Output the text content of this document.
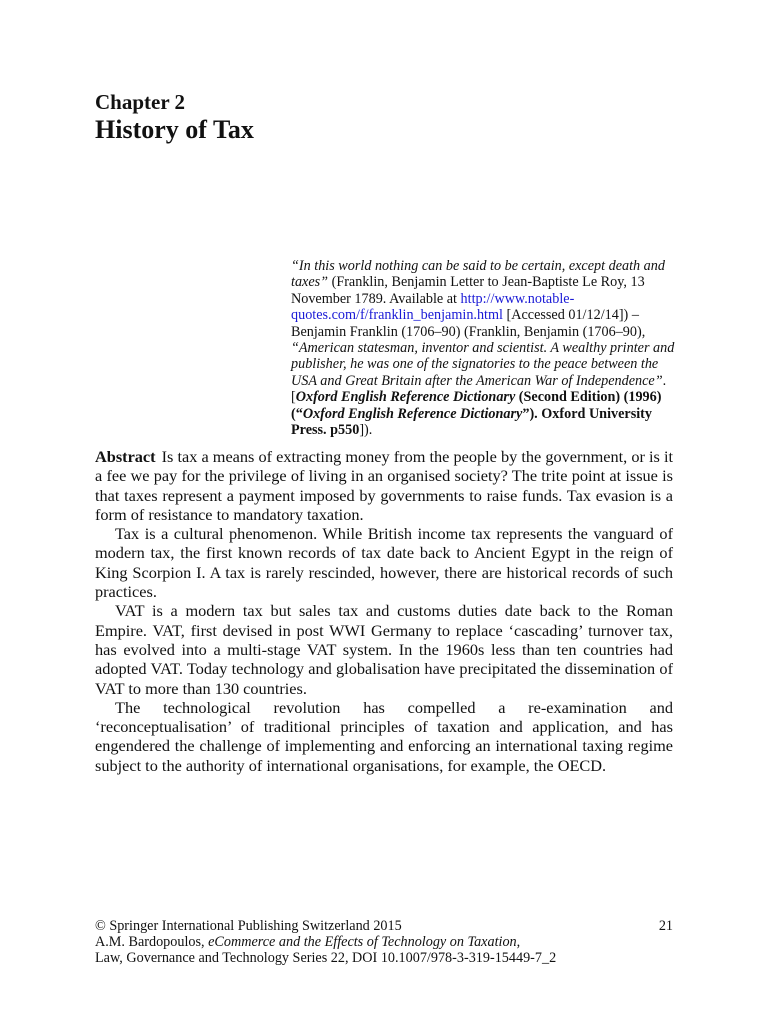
Chapter 2
History of Tax
“In this world nothing can be said to be certain, except death and taxes” (Franklin, Benjamin Letter to Jean-Baptiste Le Roy, 13 November 1789. Available at http://www.notable-quotes.com/f/franklin_benjamin.html [Accessed 01/12/14]) – Benjamin Franklin (1706–90) (Franklin, Benjamin (1706–90), “American statesman, inventor and scientist. A wealthy printer and publisher, he was one of the signatories to the peace between the USA and Great Britain after the American War of Independence”. [Oxford English Reference Dictionary (Second Edition) (1996) (“Oxford English Reference Dictionary”). Oxford University Press. p550]).

Abstract Is tax a means of extracting money from the people by the government, or is it a fee we pay for the privilege of living in an organised society? The trite point at issue is that taxes represent a payment imposed by governments to raise funds. Tax evasion is a form of resistance to mandatory taxation.

Tax is a cultural phenomenon. While British income tax represents the vanguard of modern tax, the first known records of tax date back to Ancient Egypt in the reign of King Scorpion I. A tax is rarely rescinded, however, there are historical records of such practices.

VAT is a modern tax but sales tax and customs duties date back to the Roman Empire. VAT, first devised in post WWI Germany to replace ‘cascading’ turnover tax, has evolved into a multi-stage VAT system. In the 1960s less than ten countries had adopted VAT. Today technology and globalisation have precipitated the dissemination of VAT to more than 130 countries.

The technological revolution has compelled a re-examination and ‘reconceptualisation’ of traditional principles of taxation and application, and has engendered the challenge of implementing and enforcing an international taxing regime subject to the authority of international organisations, for example, the OECD.

© Springer International Publishing Switzerland 2015	21
A.M. Bardopoulos, eCommerce and the Effects of Technology on Taxation,
Law, Governance and Technology Series 22, DOI 10.1007/978-3-319-15449-7_2
